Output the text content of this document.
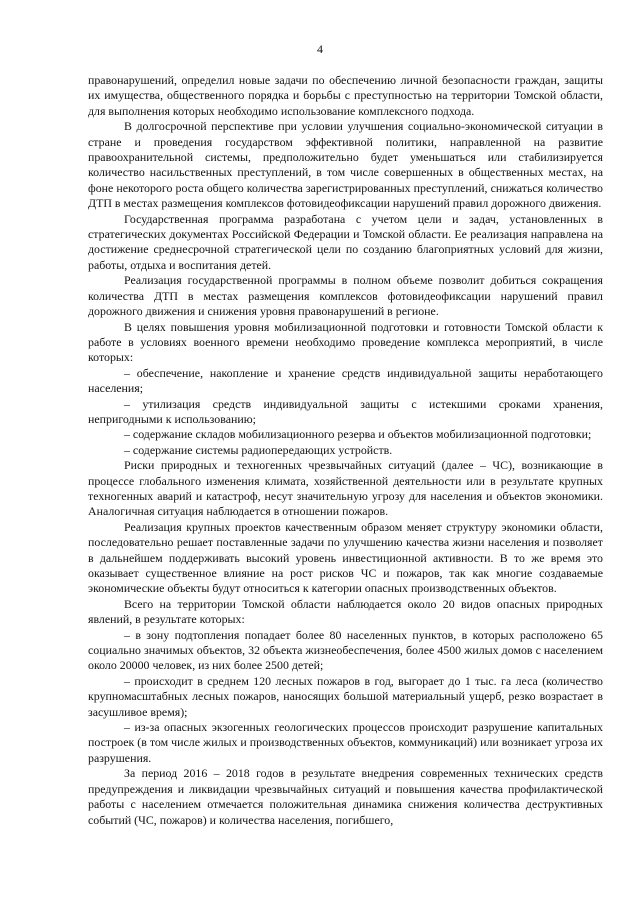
4

правонарушений, определил новые задачи по обеспечению личной безопасности граждан, защиты их имущества, общественного порядка и борьбы с преступностью на территории Томской области, для выполнения которых необходимо использование комплексного подхода.

В долгосрочной перспективе при условии улучшения социально-экономической ситуации в стране и проведения государством эффективной политики, направленной на развитие правоохранительной системы, предположительно будет уменьшаться или стабилизируется количество насильственных преступлений, в том числе совершенных в общественных местах, на фоне некоторого роста общего количества зарегистрированных преступлений, снижаться количество ДТП в местах размещения комплексов фотовидеофиксации нарушений правил дорожного движения.

Государственная программа разработана с учетом цели и задач, установленных в стратегических документах Российской Федерации и Томской области. Ее реализация направлена на достижение среднесрочной стратегической цели по созданию благоприятных условий для жизни, работы, отдыха и воспитания детей.

Реализация государственной программы в полном объеме позволит добиться сокращения количества ДТП в местах размещения комплексов фотовидеофиксации нарушений правил дорожного движения и снижения уровня правонарушений в регионе.

В целях повышения уровня мобилизационной подготовки и готовности Томской области к работе в условиях военного времени необходимо проведение комплекса мероприятий, в числе которых:

– обеспечение, накопление и хранение средств индивидуальной защиты неработающего населения;

– утилизация средств индивидуальной защиты с истекшими сроками хранения, непригодными к использованию;

– содержание складов мобилизационного резерва и объектов мобилизационной подготовки;

– содержание системы радиопередающих устройств.

Риски природных и техногенных чрезвычайных ситуаций (далее – ЧС), возникающие в процессе глобального изменения климата, хозяйственной деятельности или в результате крупных техногенных аварий и катастроф, несут значительную угрозу для населения и объектов экономики. Аналогичная ситуация наблюдается в отношении пожаров.

Реализация крупных проектов качественным образом меняет структуру экономики области, последовательно решает поставленные задачи по улучшению качества жизни населения и позволяет в дальнейшем поддерживать высокий уровень инвестиционной активности. В то же время это оказывает существенное влияние на рост рисков ЧС и пожаров, так как многие создаваемые экономические объекты будут относиться к категории опасных производственных объектов.

Всего на территории Томской области наблюдается около 20 видов опасных природных явлений, в результате которых:

– в зону подтопления попадает более 80 населенных пунктов, в которых расположено 65 социально значимых объектов, 32 объекта жизнеобеспечения, более 4500 жилых домов с населением около 20000 человек, из них более 2500 детей;

– происходит в среднем 120 лесных пожаров в год, выгорает до 1 тыс. га леса (количество крупномасштабных лесных пожаров, наносящих большой материальный ущерб, резко возрастает в засушливое время);

– из-за опасных экзогенных геологических процессов происходит разрушение капитальных построек (в том числе жилых и производственных объектов, коммуникаций) или возникает угроза их разрушения.

За период 2016 – 2018 годов в результате внедрения современных технических средств предупреждения и ликвидации чрезвычайных ситуаций и повышения качества профилактической работы с населением отмечается положительная динамика снижения количества деструктивных событий (ЧС, пожаров) и количества населения, погибшего,
